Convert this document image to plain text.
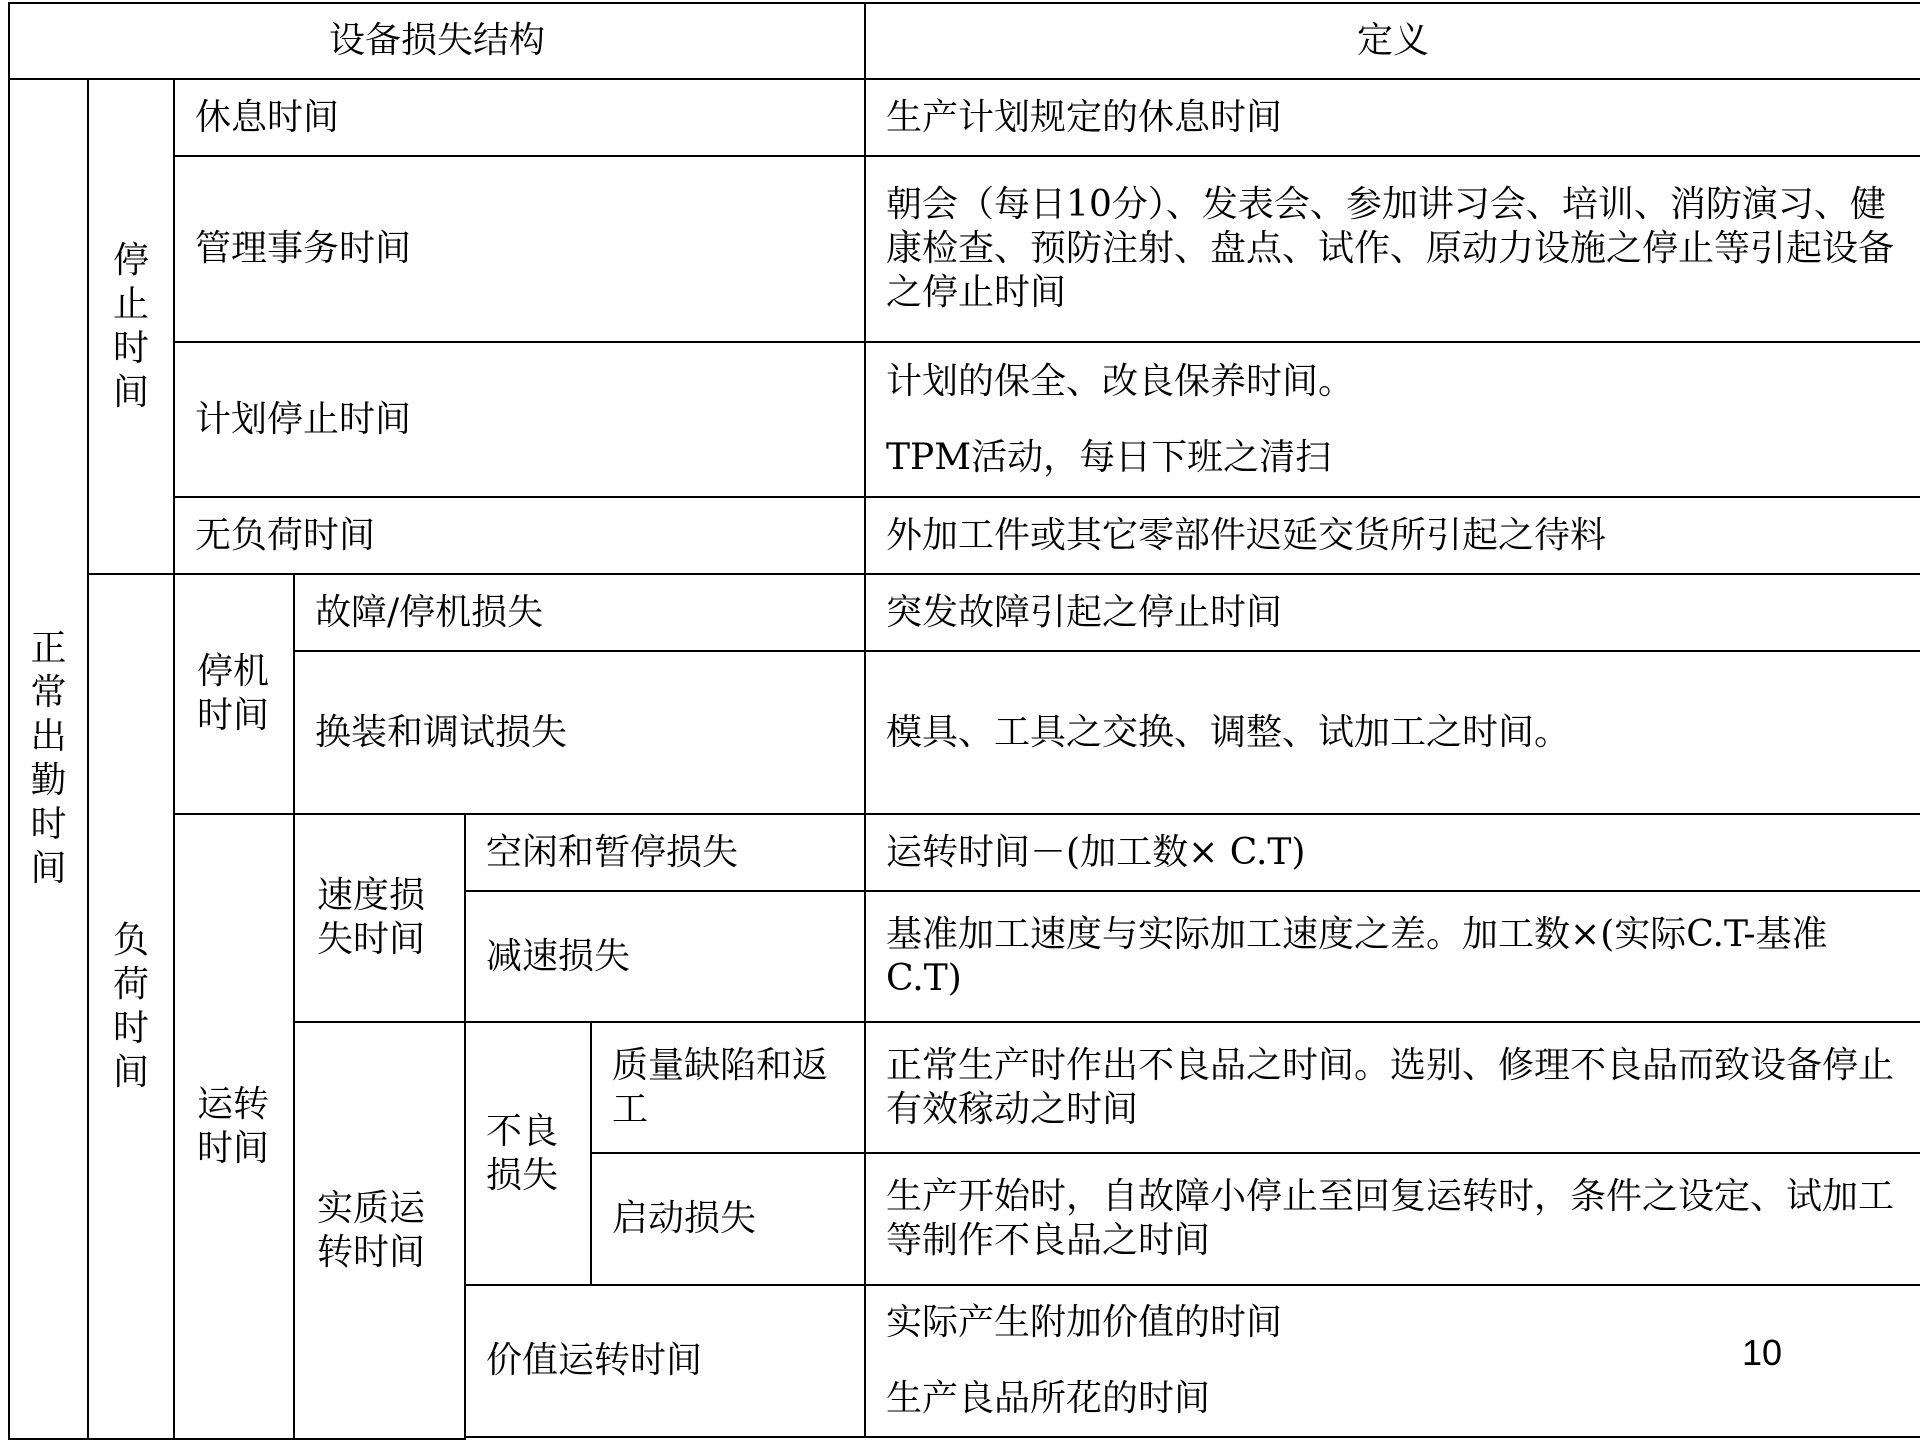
设备损失结构						定义
正常出勤时间	停止时间	休息时间				生产计划规定的休息时间

		管理事务时间				朝会（每日10分）、发表会、参加讲习会、培训、消防演习、健康检查、预防注射、盘点、试作、原动力设施之停止等引起设备之停止时间

		计划停止时间				计划的保全、改良保养时间。

TPM活动，每日下班之清扫

		无负荷时间				外加工件或其它零部件迟延交货所引起之待料

	负荷时间	停机时间	故障/停机损失			突发故障引起之停止时间

			换装和调试损失			模具、工具之交换、调整、试加工之时间。

		运转时间	速度损失时间	空闲和暂停损失		运转时间－(加工数× C.T)

				减速损失		基准加工速度与实际加工速度之差。加工数×(实际C.T-基准C.T)

			实质运转时间	不良损失	质量缺陷和返工	正常生产时作出不良品之时间。选别、修理不良品而致设备停止有效稼动之时间

					启动损失	生产开始时，自故障小停止至回复运转时，条件之设定、试加工等制作不良品之时间

				价值运转时间		实际产生附加价值的时间

生产良品所花的时间

10
